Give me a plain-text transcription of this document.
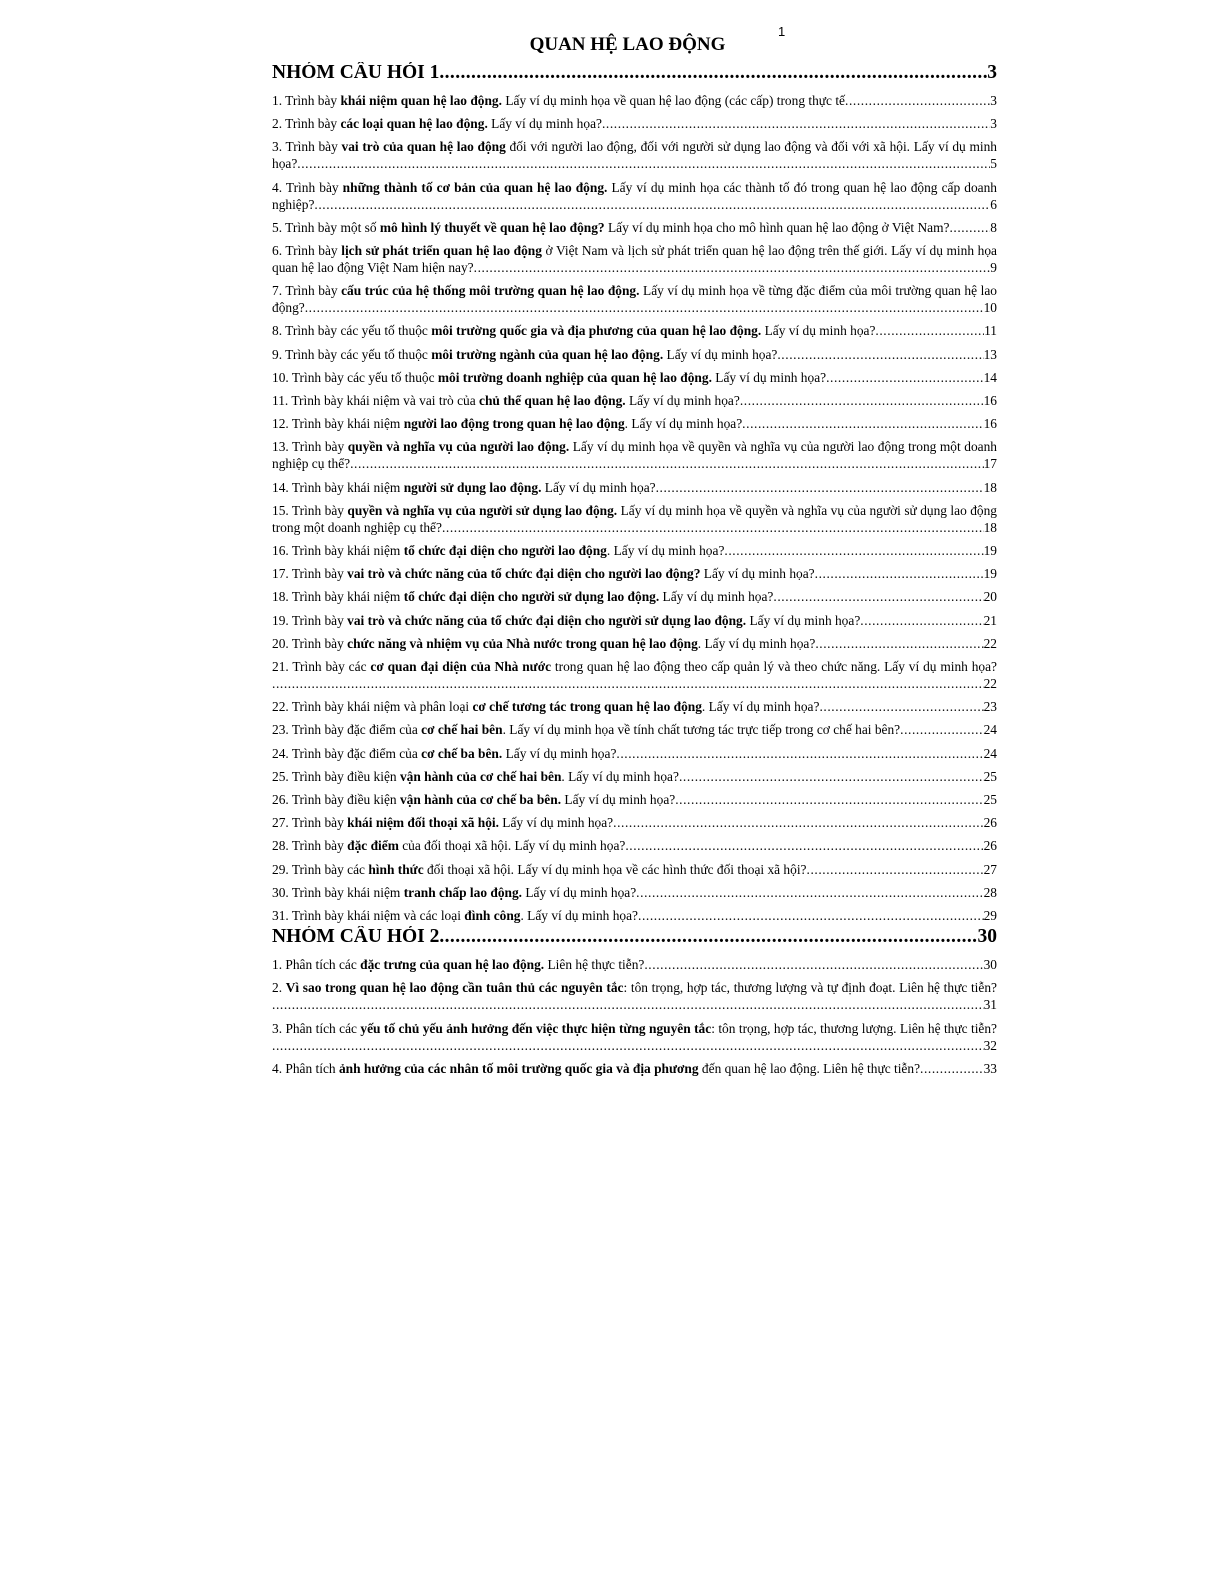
1
QUAN HỆ LAO ĐỘNG
NHÓM CÂU HỎI 1 .....	3
1. Trình bày khái niệm quan hệ lao động. Lấy ví dụ minh họa về quan hệ lao động (các cấp) trong thực tế .....	3
2. Trình bày các loại quan hệ lao động. Lấy ví dụ minh họa? .....	3
3. Trình bày vai trò của quan hệ lao động đối với người lao động, đối với người sử dụng lao động và đối với xã hội. Lấy ví dụ minh
họa? .....	5
4. Trình bày những thành tố cơ bản của quan hệ lao động. Lấy ví dụ minh họa các thành tố đó trong quan hệ lao động cấp doanh
nghiệp? .....	6
5. Trình bày một số mô hình lý thuyết về quan hệ lao động? Lấy ví dụ minh họa cho mô hình quan hệ lao động ở Việt Nam? .....	8
6. Trình bày lịch sử phát triển quan hệ lao động ở Việt Nam và lịch sử phát triển quan hệ lao động trên thế giới. Lấy ví dụ minh họa
quan hệ lao động Việt Nam hiện nay? .....	9
7. Trình bày cấu trúc của hệ thống môi trường quan hệ lao động. Lấy ví dụ minh họa về từng đặc điểm của môi trường quan hệ lao
động? .....	10
8. Trình bày các yếu tố thuộc môi trường quốc gia và địa phương của quan hệ lao động. Lấy ví dụ minh họa? .....	11
9. Trình bày các yếu tố thuộc môi trường ngành của quan hệ lao động. Lấy ví dụ minh họa? .....	13
10. Trình bày các yếu tố thuộc môi trường doanh nghiệp của quan hệ lao động. Lấy ví dụ minh họa? .....	14
11. Trình bày khái niệm và vai trò của chủ thể quan hệ lao động. Lấy ví dụ minh họa? .....	16
12. Trình bày khái niệm người lao động trong quan hệ lao động. Lấy ví dụ minh họa? .....	16
13. Trình bày quyền và nghĩa vụ của người lao động. Lấy ví dụ minh họa về quyền và nghĩa vụ của người lao động trong một doanh
nghiệp cụ thể? .....	17
14. Trình bày khái niệm người sử dụng lao động. Lấy ví dụ minh họa? .....	18
15. Trình bày quyền và nghĩa vụ của người sử dụng lao động. Lấy ví dụ minh họa về quyền và nghĩa vụ của người sử dụng lao động
trong một doanh nghiệp cụ thể? .....	18
16. Trình bày khái niệm tổ chức đại diện cho người lao động. Lấy ví dụ minh họa? .....	19
17. Trình bày vai trò và chức năng của tổ chức đại diện cho người lao động? Lấy ví dụ minh họa? .....	19
18. Trình bày khái niệm tổ chức đại diện cho người sử dụng lao động. Lấy ví dụ minh họa? .....	20
19. Trình bày vai trò và chức năng của tổ chức đại diện cho người sử dụng lao động. Lấy ví dụ minh họa? .....	21
20. Trình bày chức năng và nhiệm vụ của Nhà nước trong quan hệ lao động. Lấy ví dụ minh họa? .....	22
21. Trình bày các cơ quan đại diện của Nhà nước trong quan hệ lao động theo cấp quản lý và theo chức năng. Lấy ví dụ minh họa?
.....
22
22. Trình bày khái niệm và phân loại cơ chế tương tác trong quan hệ lao động. Lấy ví dụ minh họa? .....	23
23. Trình bày đặc điểm của cơ chế hai bên. Lấy ví dụ minh họa về tính chất tương tác trực tiếp trong cơ chế hai bên? .....	24
24. Trình bày đặc điểm của cơ chế ba bên. Lấy ví dụ minh họa? .....	24
25. Trình bày điều kiện vận hành của cơ chế hai bên. Lấy ví dụ minh họa? .....	25
26. Trình bày điều kiện vận hành của cơ chế ba bên. Lấy ví dụ minh họa? .....	25
27. Trình bày khái niệm đối thoại xã hội. Lấy ví dụ minh họa? .....	26
28. Trình bày đặc điểm của đối thoại xã hội. Lấy ví dụ minh họa? .....	26
29. Trình bày các hình thức đối thoại xã hội. Lấy ví dụ minh họa về các hình thức đối thoại xã hội? .....	27
30. Trình bày khái niệm tranh chấp lao động. Lấy ví dụ minh họa? .....	28
31. Trình bày khái niệm và các loại đình công. Lấy ví dụ minh họa? .....	29
NHÓM CÂU HỎI 2 .....	30
1. Phân tích các đặc trưng của quan hệ lao động. Liên hệ thực tiễn? .....	30
2. Vì sao trong quan hệ lao động cần tuân thủ các nguyên tắc: tôn trọng, hợp tác, thương lượng và tự định đoạt. Liên hệ thực tiễn?
.....
31
3. Phân tích các yếu tố chủ yếu ảnh hưởng đến việc thực hiện từng nguyên tắc: tôn trọng, hợp tác, thương lượng. Liên hệ thực tiễn?
.....
32
4. Phân tích ảnh hưởng của các nhân tố môi trường quốc gia và địa phương đến quan hệ lao động. Liên hệ thực tiễn? .....	33
